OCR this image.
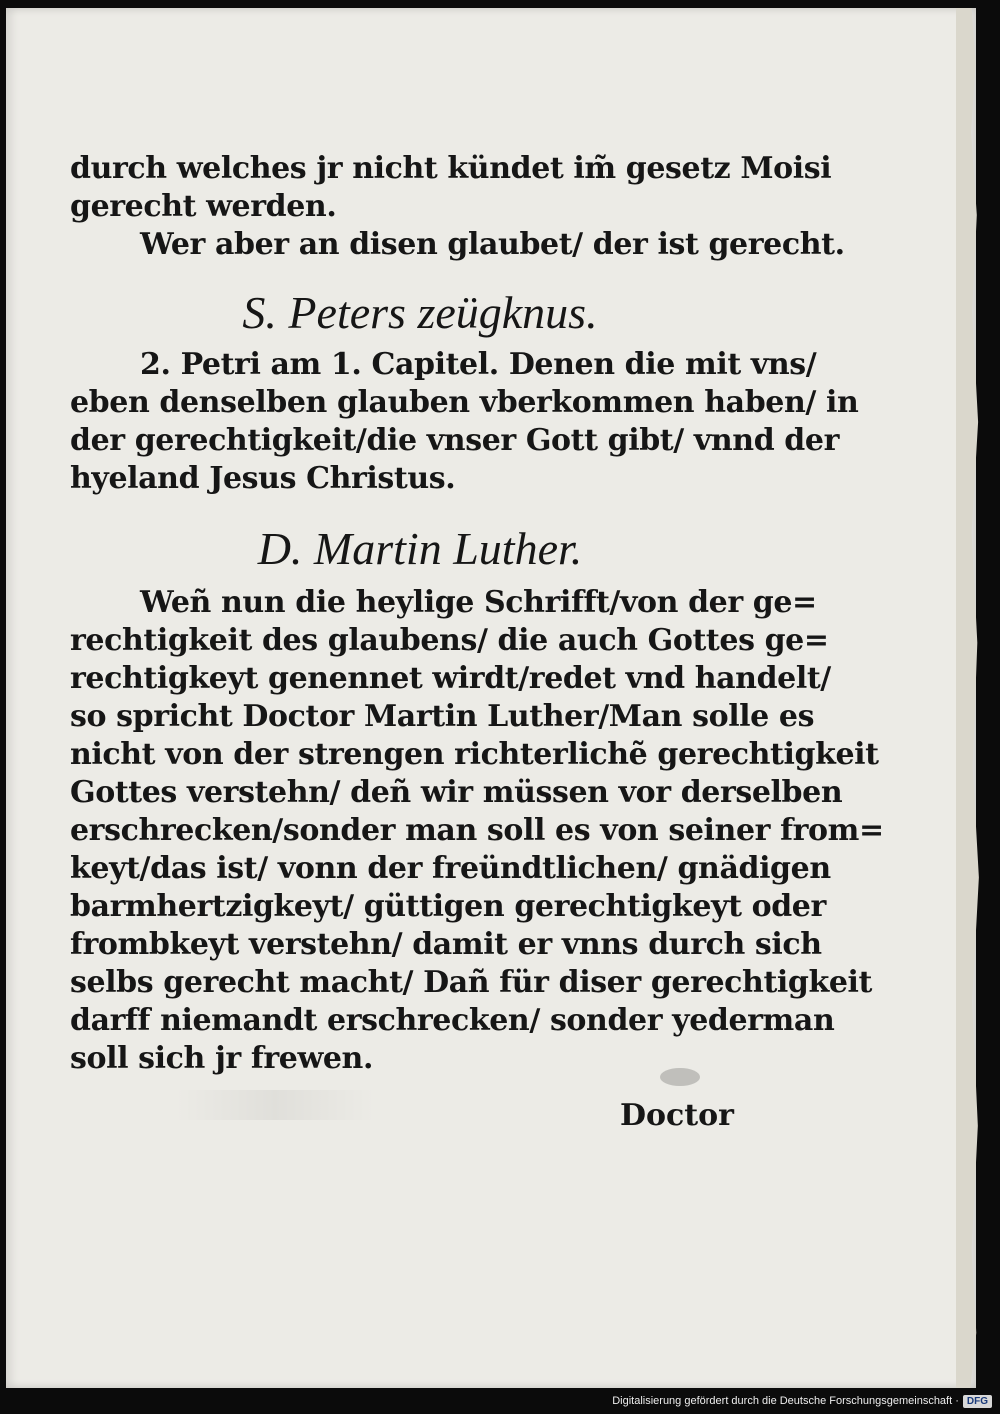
durch welches jr nicht kündet im̃ gesetz Moisi
gerecht werden.
Wer aber an disen glaubet/ der ist gerecht.
S. Peters zeügknus.
2. Petri am 1. Capitel. Denen die mit vns/
eben denselben glauben vberkommen haben/ in
der gerechtigkeit/die vnser Gott gibt/ vnnd der
hyeland Jesus Christus.
D. Martin Luther.
Weñ nun die heylige Schrifft/von der ge=
rechtigkeit des glaubens/ die auch Gottes ge=
rechtigkeyt genennet wirdt/redet vnd handelt/
so spricht Doctor Martin Luther/Man solle es
nicht von der strengen richterlichẽ gerechtigkeit
Gottes verstehn/ deñ wir müssen vor derselben
erschrecken/sonder man soll es von seiner from=
keyt/das ist/ vonn der freündtlichen/ gnädigen
barmhertzigkeyt/ güttigen gerechtigkeyt oder
frombkeyt verstehn/ damit er vnns durch sich
selbs gerecht macht/ Dañ für diser gerechtigkeit
darff niemandt erschrecken/ sonder yederman
soll sich jr frewen.
Doctor
Digitalisierung gefördert durch die Deutsche Forschungsgemeinschaft · DFG
